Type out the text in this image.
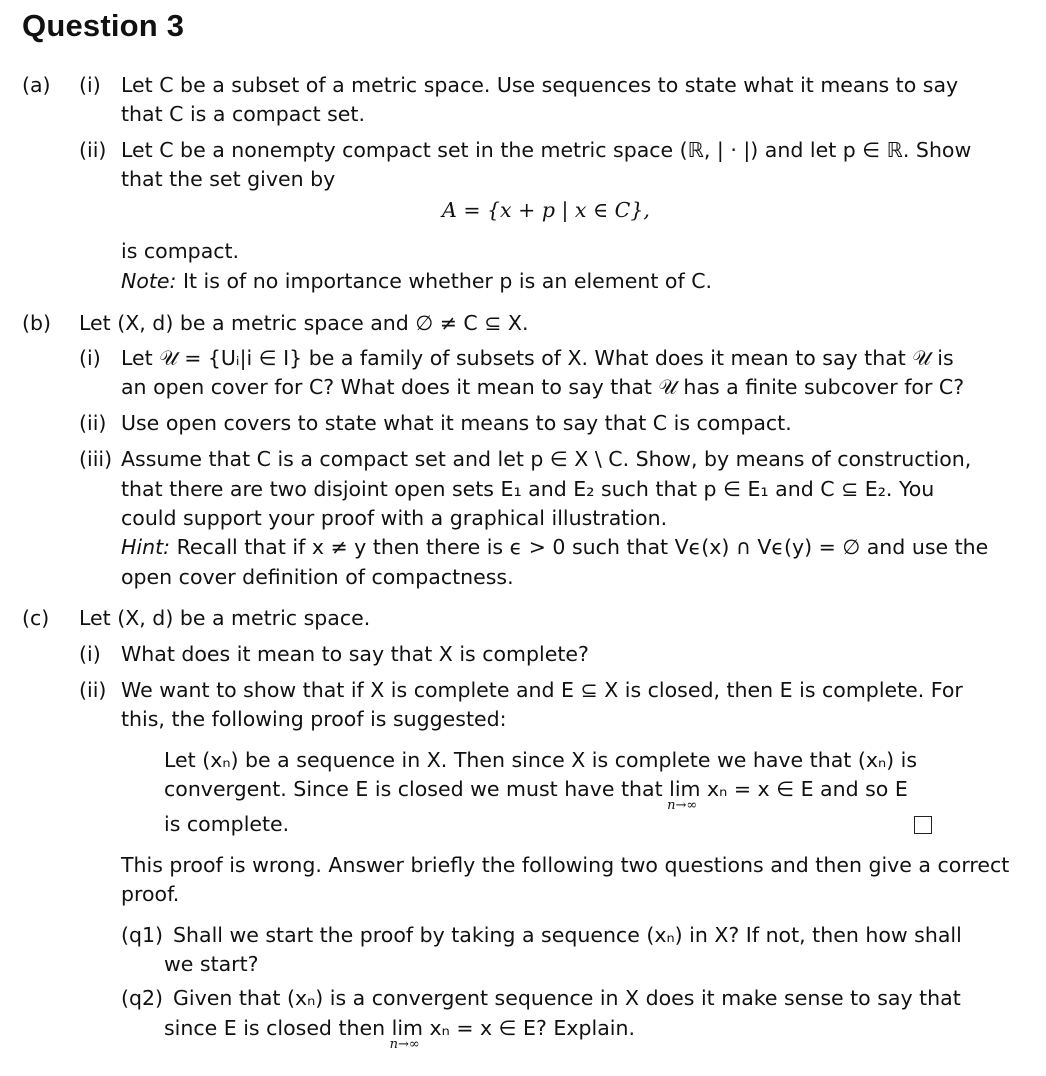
Question 3
(a) (i) Let C be a subset of a metric space. Use sequences to state what it means to say
that C is a compact set.
(ii) Let C be a nonempty compact set in the metric space (ℝ, | · |) and let p ∈ ℝ. Show
that the set given by
A = {x + p | x ∈ C},
is compact.
Note: It is of no importance whether p is an element of C.
(b) Let (X, d) be a metric space and ∅ ≠ C ⊆ X.
(i) Let 𝒰 = {Uᵢ|i ∈ I} be a family of subsets of X. What does it mean to say that 𝒰 is
an open cover for C? What does it mean to say that 𝒰 has a finite subcover for C?
(ii) Use open covers to state what it means to say that C is compact.
(iii) Assume that C is a compact set and let p ∈ X \ C. Show, by means of construction,
that there are two disjoint open sets E₁ and E₂ such that p ∈ E₁ and C ⊆ E₂. You
could support your proof with a graphical illustration.
Hint: Recall that if x ≠ y then there is ϵ > 0 such that Vϵ(x) ∩ Vϵ(y) = ∅ and use the
open cover definition of compactness.
(c) Let (X, d) be a metric space.
(i) What does it mean to say that X is complete?
(ii) We want to show that if X is complete and E ⊆ X is closed, then E is complete. For
this, the following proof is suggested:
Let (xₙ) be a sequence in X. Then since X is complete we have that (xₙ) is
convergent. Since E is closed we must have that lim
n→∞
xₙ = x ∈ E and so E
is complete.
This proof is wrong. Answer briefly the following two questions and then give a correct
proof.
(q1) Shall we start the proof by taking a sequence (xₙ) in X? If not, then how shall
we start?
(q2) Given that (xₙ) is a convergent sequence in X does it make sense to say that
since E is closed then lim
n→∞
xₙ = x ∈ E? Explain.
